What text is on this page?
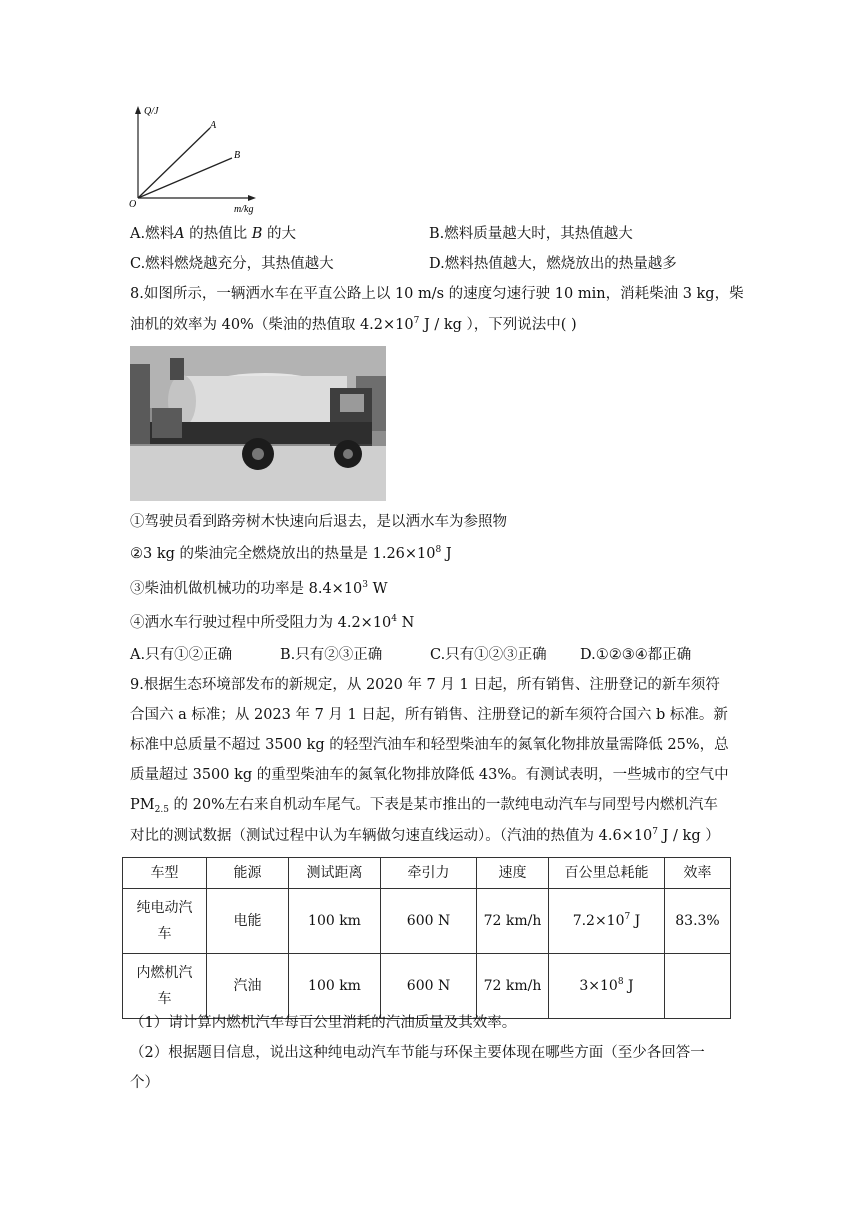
Q/J
m/kg
O
A
B
A.燃料A 的热值比 B 的大	B.燃料质量越大时，其热值越大
C.燃料燃烧越充分，其热值越大	D.燃料热值越大，燃烧放出的热量越多
8.如图所示，一辆洒水车在平直公路上以 10 m/s 的速度匀速行驶 10 min，消耗柴油 3 kg，柴
油机的效率为 40%（柴油的热值取 $4.2\times 10^7$ J / kg ），下列说法中( )
①驾驶员看到路旁树木快速向后退去，是以洒水车为参照物
②3 kg 的柴油完全燃烧放出的热量是 $1.26\times 10^8$ J
③柴油机做机械功的功率是 $8.4\times 10^3$ W
④洒水车行驶过程中所受阻力为 $4.2\times 10^4$ N
A.只有①②正确	B.只有②③正确	C.只有①②③正确 D.①②③④都正确
9.根据生态环境部发布的新规定，从 2020 年 7 月 1 日起，所有销售、注册登记的新车须符
合国六 a 标准；从 2023 年 7 月 1 日起，所有销售、注册登记的新车须符合国六 b 标准。新
标准中总质量不超过 3500 kg 的轻型汽油车和轻型柴油车的氮氧化物排放量需降低 25%，总
质量超过 3500 kg 的重型柴油车的氮氧化物排放降低 43%。有测试表明，一些城市的空气中
$PM_{2.5}$ 的 20%左右来自机动车尾气。下表是某市推出的一款纯电动汽车与同型号内燃机汽车
对比的测试数据（测试过程中认为车辆做匀速直线运动）。（汽油的热值为 $4.6\times 10^7$ J / kg ）
车型	能源	测试距离	牵引力	速度	百公里总耗能	效率
纯电动汽
车	电能	100 km	600 N	72 km/h	$7.2\times 10^7$ J	83.3%
内燃机汽
车	汽油	100 km	600 N	72 km/h	$3\times 10^8$ J	
（1）请计算内燃机汽车每百公里消耗的汽油质量及其效率。
（2）根据题目信息，说出这种纯电动汽车节能与环保主要体现在哪些方面（至少各回答一
个）
